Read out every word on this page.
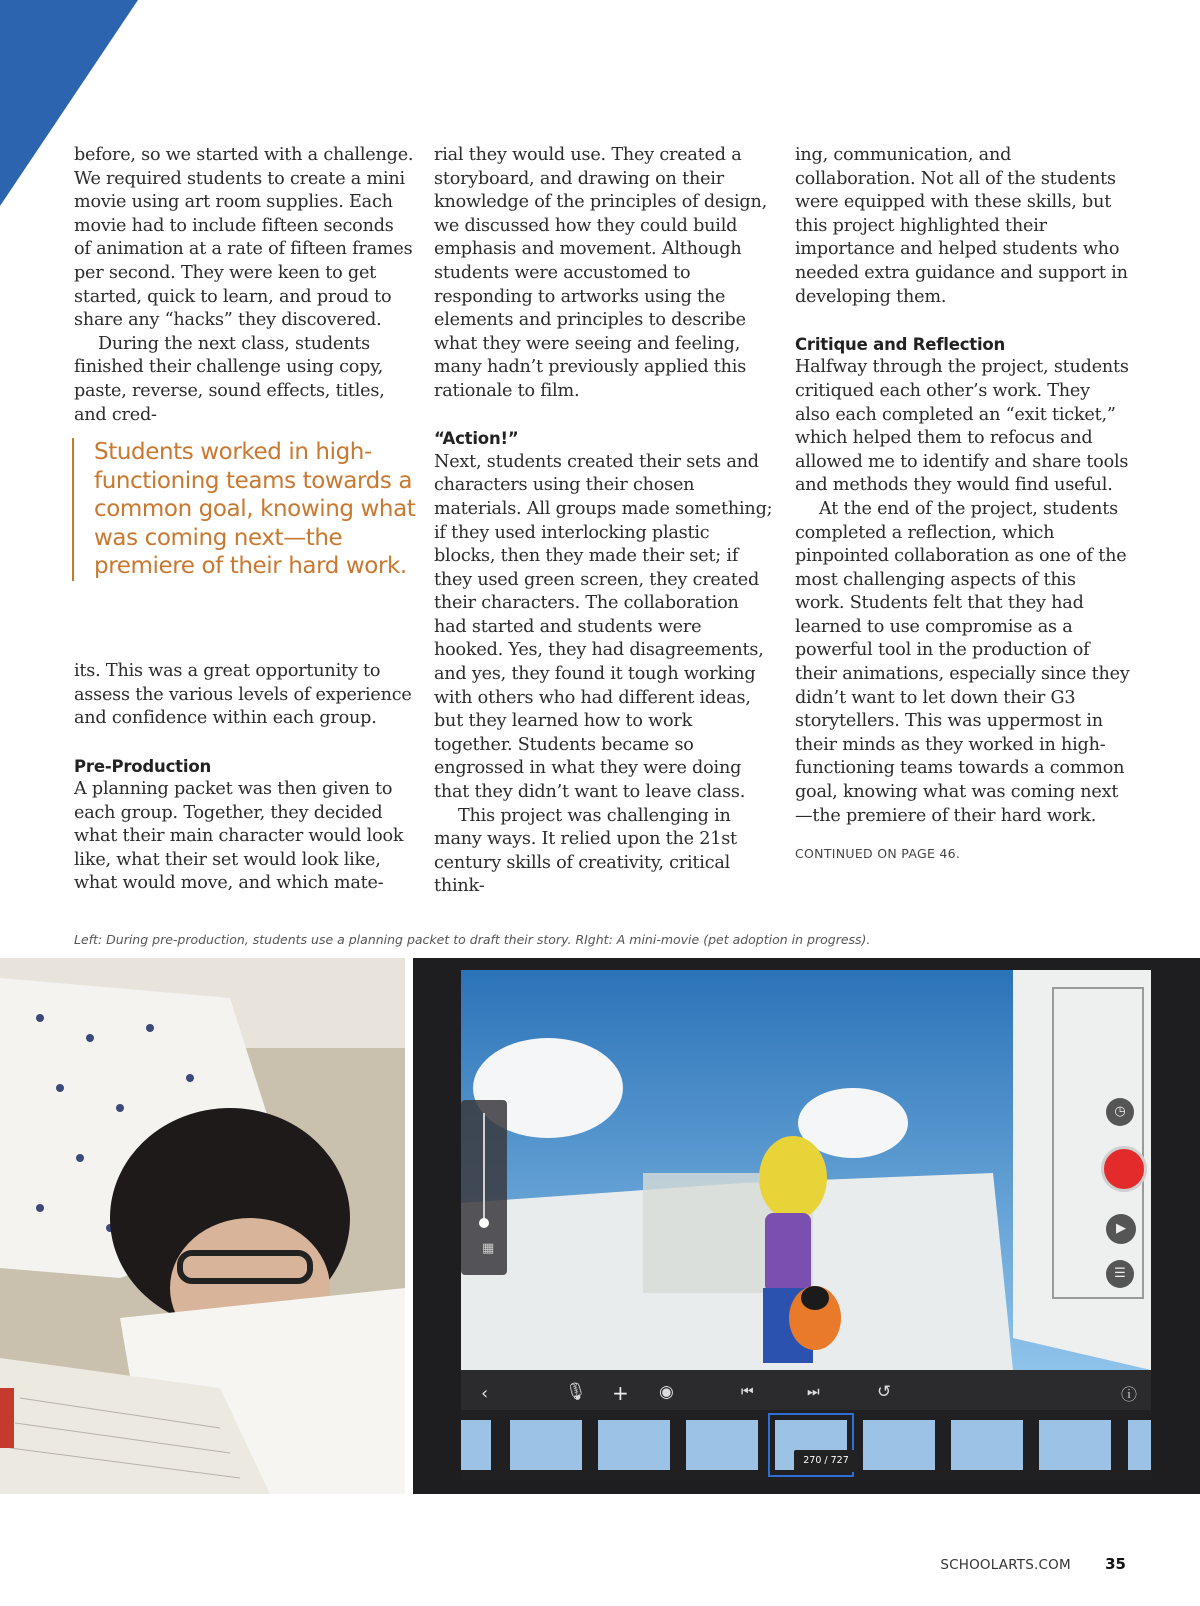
before, so we started with a challenge. We required students to create a mini movie using art room supplies. Each movie had to include fifteen seconds of animation at a rate of fifteen frames per second. They were keen to get started, quick to learn, and proud to share any “hacks” they discovered.

During the next class, students finished their challenge using copy, paste, reverse, sound effects, titles, and cred-

its. This was a great opportunity to assess the various levels of experience and confidence within each group.

Pre-Production

A planning packet was then given to each group. Together, they decided what their main character would look like, what their set would look like, what would move, and which mate-

Students worked in high-functioning teams towards a common goal, knowing what was coming next—the premiere of their hard work.

rial they would use. They created a storyboard, and drawing on their knowledge of the principles of design, we discussed how they could build emphasis and movement. Although students were accustomed to responding to artworks using the elements and principles to describe what they were seeing and feeling, many hadn’t previously applied this rationale to film.

“Action!”

Next, students created their sets and characters using their chosen materials. All groups made something; if they used interlocking plastic blocks, then they made their set; if they used green screen, they created their characters. The collaboration had started and students were hooked. Yes, they had disagreements, and yes, they found it tough working with others who had different ideas, but they learned how to work together. Students became so engrossed in what they were doing that they didn’t want to leave class.

This project was challenging in many ways. It relied upon the 21st century skills of creativity, critical think-

ing, communication, and collaboration. Not all of the students were equipped with these skills, but this project highlighted their importance and helped students who needed extra guidance and support in developing them.

Critique and Reflection

Halfway through the project, students critiqued each other’s work. They also each completed an “exit ticket,” which helped them to refocus and allowed me to identify and share tools and methods they would find useful.

At the end of the project, students completed a reflection, which pinpointed collaboration as one of the most challenging aspects of this work. Students felt that they had learned to use compromise as a powerful tool in the production of their animations, especially since they didn’t want to let down their G3 storytellers. This was uppermost in their minds as they worked in high-functioning teams towards a common goal, knowing what was coming next—the premiere of their hard work.

CONTINUED ON PAGE 46.
Left: During pre-production, students use a planning packet to draft their story. RIght: A mini-movie (pet adoption in progress).
‹	🎙 + ◉	⏮	⏭	↺	ⓘ
▦
◷
▶
☰
270 / 727
SCHOOLARTS.COM 35
